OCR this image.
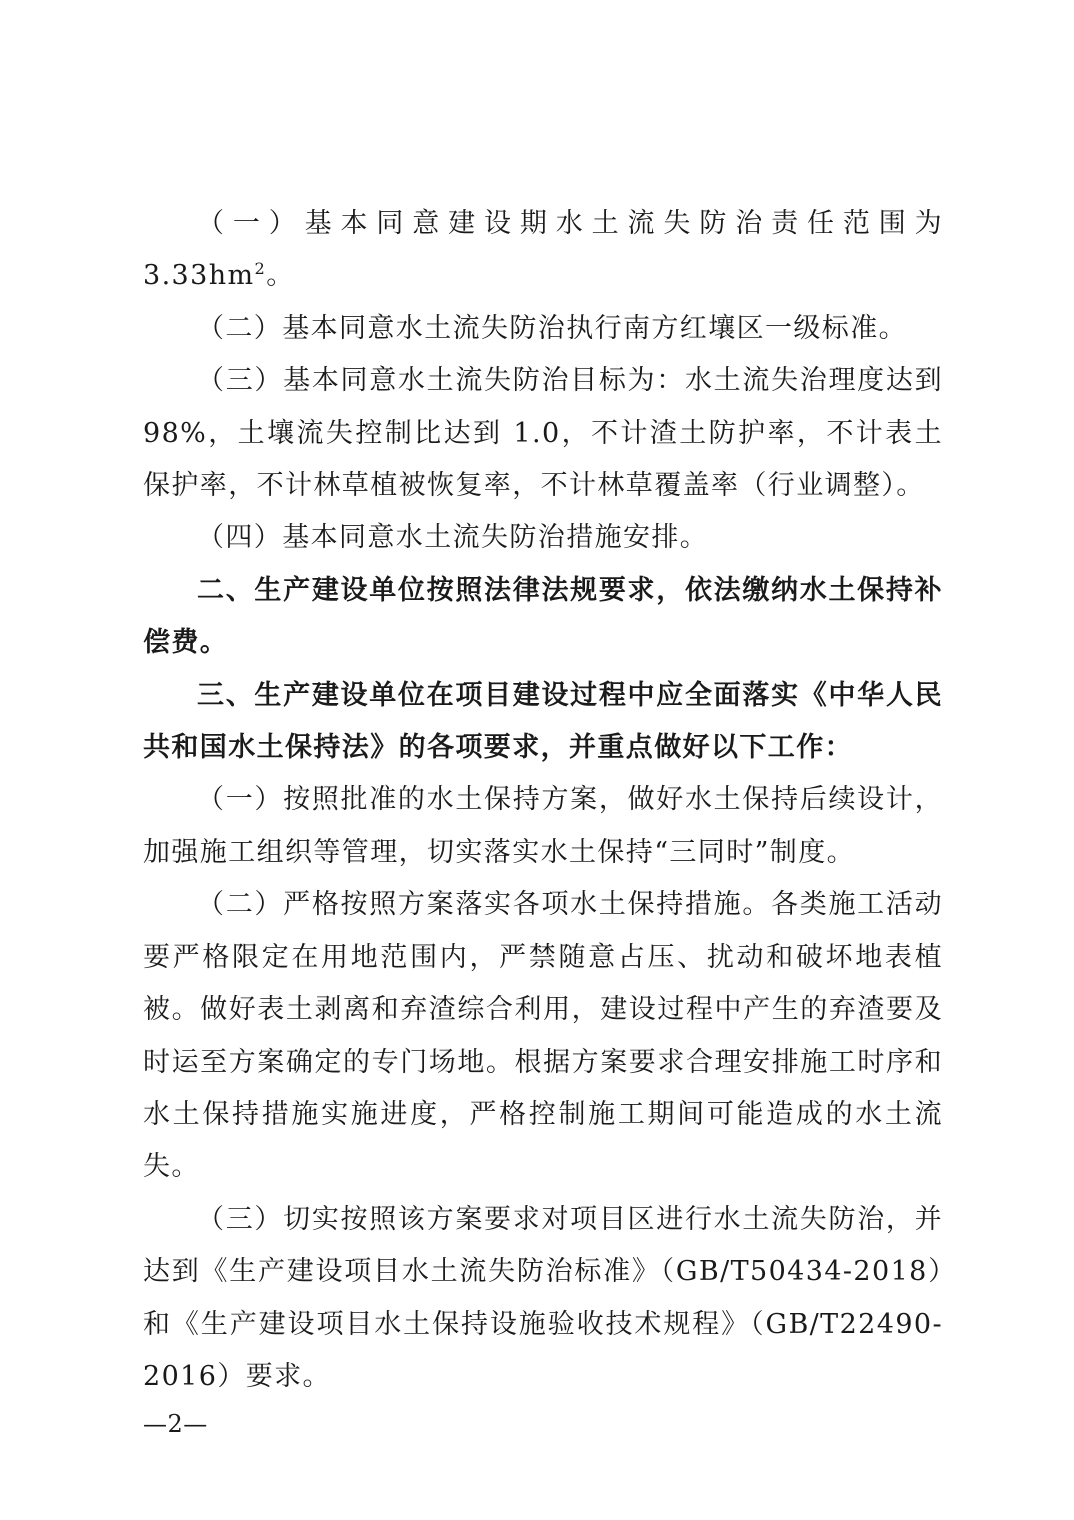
（一）基本同意建设期水土流失防治责任范围为 $3.33hm^2$。

（二）基本同意水土流失防治执行南方红壤区一级标准。

（三）基本同意水土流失防治目标为：水土流失治理度达到98%，土壤流失控制比达到 1.0，不计渣土防护率，不计表土保护率，不计林草植被恢复率，不计林草覆盖率（行业调整）。

（四）基本同意水土流失防治措施安排。

二、生产建设单位按照法律法规要求，依法缴纳水土保持补偿费。

三、生产建设单位在项目建设过程中应全面落实《中华人民共和国水土保持法》的各项要求，并重点做好以下工作：

（一）按照批准的水土保持方案，做好水土保持后续设计，加强施工组织等管理，切实落实水土保持“三同时”制度。

（二）严格按照方案落实各项水土保持措施。各类施工活动要严格限定在用地范围内，严禁随意占压、扰动和破坏地表植被。做好表土剥离和弃渣综合利用，建设过程中产生的弃渣要及时运至方案确定的专门场地。根据方案要求合理安排施工时序和水土保持措施实施进度，严格控制施工期间可能造成的水土流失。

（三）切实按照该方案要求对项目区进行水土流失防治，并达到《生产建设项目水土流失防治标准》（GB/T50434-2018）和《生产建设项目水土保持设施验收技术规程》（GB/T22490-2016）要求。

—2—
